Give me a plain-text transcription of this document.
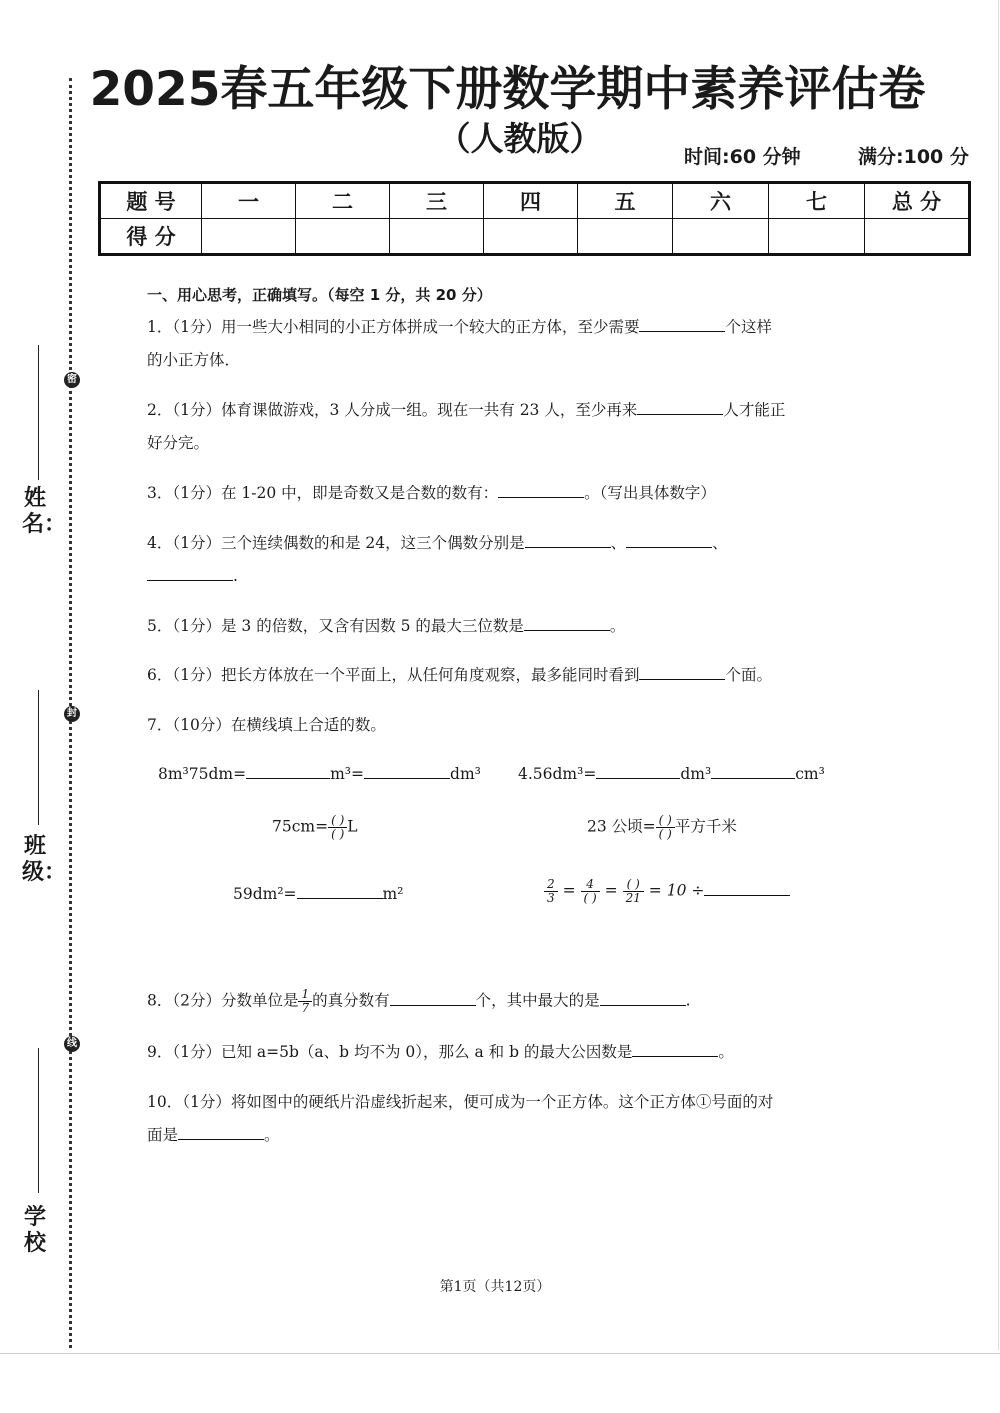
密
封
线
姓名：
班级：
学校
2025春五年级下册数学期中素养评估卷
（人教版）	时间:60 分钟	满分:100 分
题 号	一	二	三	四	五	六	七	总 分
得 分								
一、用心思考，正确填写。（每空 1 分，共 20 分）
1．（1分）用一些大小相同的小正方体拼成一个较大的正方体，至少需要	个这样
的小正方体．
2．（1分）体育课做游戏，3 人分成一组。现在一共有 23 人，至少再来	人才能正
好分完。
3．（1分）在 1-20 中，即是奇数又是合数的数有：	。（写出具体数字）
4．（1分）三个连续偶数的和是 24，这三个偶数分别是	、	、
.
5．（1分）是 3 的倍数，又含有因数 5 的最大三位数是	。
6．（1分）把长方体放在一个平面上，从任何角度观察，最多能同时看到	个面。
7．（10分）在横线填上合适的数。
8m³75dm=	m³=	dm³ 4.56dm³=	dm³	cm³
$75cm= \frac{( )}{( )}$ L	23 公顷= $\frac{( )}{( )}$ 平方千米
59dm²=	m²	$\frac{2}{3} = \frac{4}{( )} = \frac{( )}{21} = 10$ ÷
8．（2分）分数单位是 $\frac{1}{7}$ 的真分数有	个，其中最大的是	.
9．（1分）已知 a=5b（a、b 均不为 0），那么 a 和 b 的最大公因数是	。
10．（1分）将如图中的硬纸片沿虚线折起来，便可成为一个正方体。这个正方体①号面的对
面是	。
第1页（共12页）
